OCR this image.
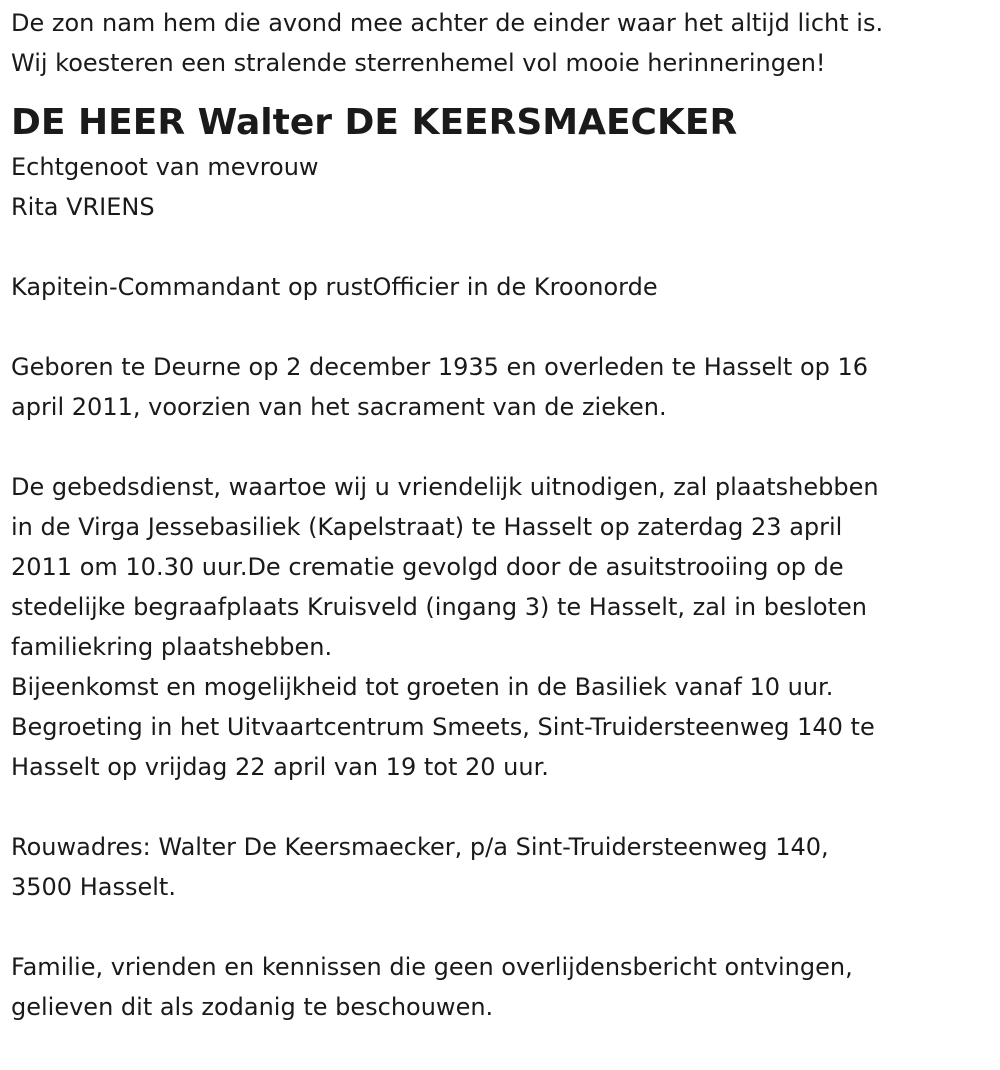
De zon nam hem die avond mee achter de einder waar het altijd licht is.
Wij koesteren een stralende sterrenhemel vol mooie herinneringen!

DE HEER Walter DE KEERSMAECKER

Echtgenoot van mevrouw
Rita VRIENS

Kapitein-Commandant op rustOfficier in de Kroonorde

Geboren te Deurne op 2 december 1935 en overleden te Hasselt op 16
april 2011, voorzien van het sacrament van de zieken.

De gebedsdienst, waartoe wij u vriendelijk uitnodigen, zal plaatshebben
in de Virga Jessebasiliek (Kapelstraat) te Hasselt op zaterdag 23 april
2011 om 10.30 uur.De crematie gevolgd door de asuitstrooiing op de
stedelijke begraafplaats Kruisveld (ingang 3) te Hasselt, zal in besloten
familiekring plaatshebben.
Bijeenkomst en mogelijkheid tot groeten in de Basiliek vanaf 10 uur.
Begroeting in het Uitvaartcentrum Smeets, Sint-Truidersteenweg 140 te
Hasselt op vrijdag 22 april van 19 tot 20 uur.

Rouwadres: Walter De Keersmaecker, p/a Sint-Truidersteenweg 140,
3500 Hasselt.

Familie, vrienden en kennissen die geen overlijdensbericht ontvingen,
gelieven dit als zodanig te beschouwen.
